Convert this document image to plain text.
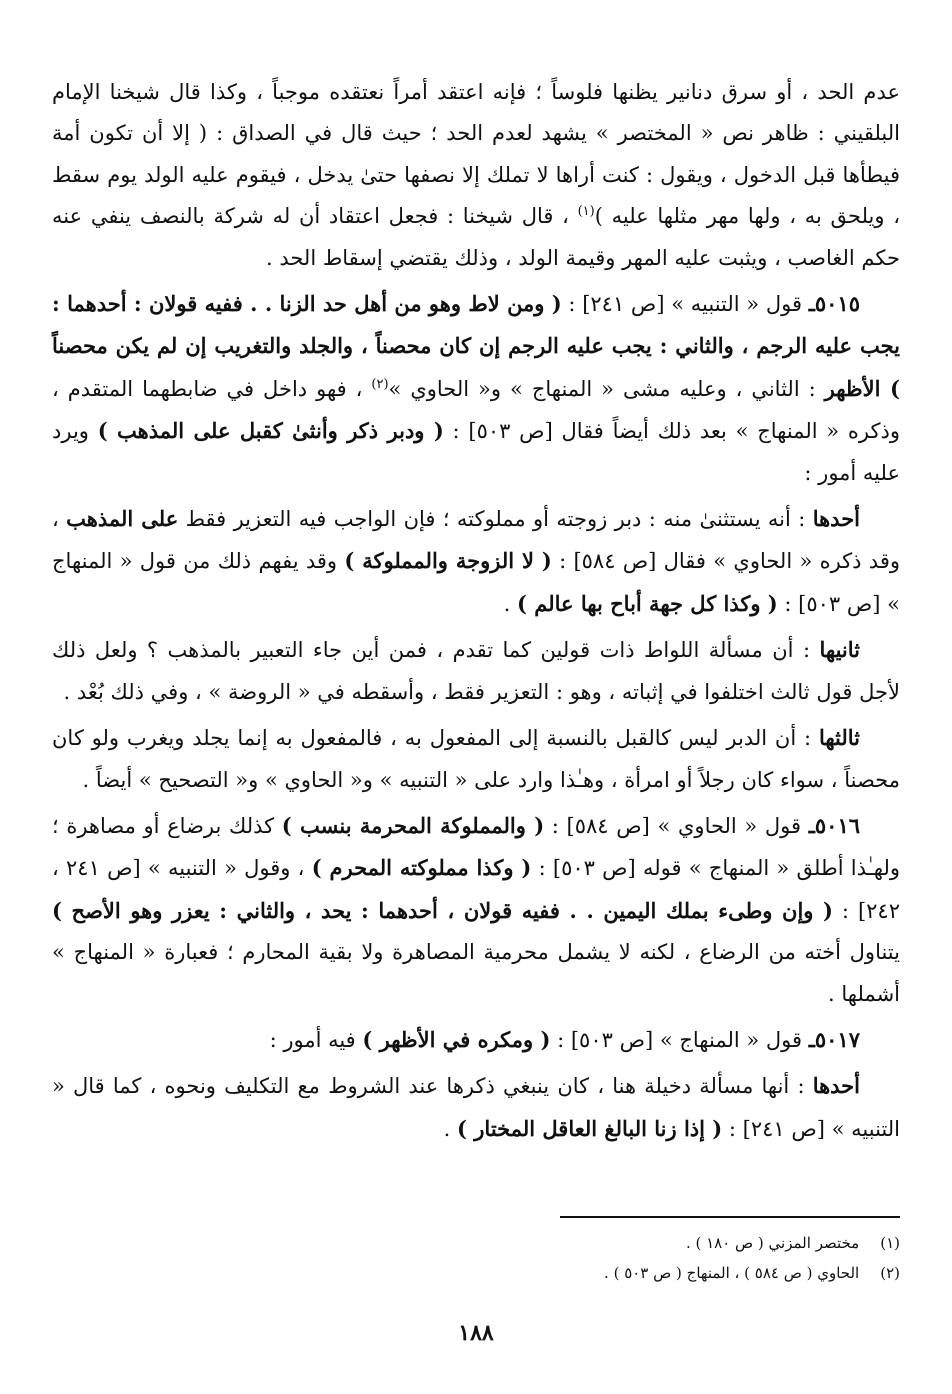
عدم الحد ، أو سرق دنانير يظنها فلوساً ؛ فإنه اعتقد أمراً نعتقده موجباً ، وكذا قال شيخنا الإمام البلقيني : ظاهر نص « المختصر » يشهد لعدم الحد ؛ حيث قال في الصداق : ( إلا أن تكون أمة فيطأها قبل الدخول ، ويقول : كنت أراها لا تملك إلا نصفها حتىٰ يدخل ، فيقوم عليه الولد يوم سقط ، ويلحق به ، ولها مهر مثلها عليه )$^{(١)}$ ، قال شيخنا : فجعل اعتقاد أن له شركة بالنصف ينفي عنه حكم الغاصب ، ويثبت عليه المهر وقيمة الولد ، وذلك يقتضي إسقاط الحد .

٥٠١٥ـ قول « التنبيه » [ص ٢٤١] : ( ومن لاط وهو من أهل حد الزنا . . ففيه قولان : أحدهما : يجب عليه الرجم ، والثاني : يجب عليه الرجم إن كان محصناً ، والجلد والتغريب إن لم يكن محصناً ) الأظهر : الثاني ، وعليه مشى « المنهاج » و« الحاوي »$^{(٢)}$ ، فهو داخل في ضابطهما المتقدم ، وذكره « المنهاج » بعد ذلك أيضاً فقال [ص ٥٠٣] : ( ودبر ذكر وأنثىٰ كقبل على المذهب ) ويرد عليه أمور :

أحدها : أنه يستثنىٰ منه : دبر زوجته أو مملوكته ؛ فإن الواجب فيه التعزير فقط على المذهب ، وقد ذكره « الحاوي » فقال [ص ٥٨٤] : ( لا الزوجة والمملوكة ) وقد يفهم ذلك من قول « المنهاج » [ص ٥٠٣] : ( وكذا كل جهة أباح بها عالم ) .

ثانيها : أن مسألة اللواط ذات قولين كما تقدم ، فمن أين جاء التعبير بالمذهب ؟ ولعل ذلك لأجل قول ثالث اختلفوا في إثباته ، وهو : التعزير فقط ، وأسقطه في « الروضة » ، وفي ذلك بُعْد .

ثالثها : أن الدبر ليس كالقبل بالنسبة إلى المفعول به ، فالمفعول به إنما يجلد ويغرب ولو كان محصناً ، سواء كان رجلاً أو امرأة ، وهـٰذا وارد على « التنبيه » و« الحاوي » و« التصحيح » أيضاً .

٥٠١٦ـ قول « الحاوي » [ص ٥٨٤] : ( والمملوكة المحرمة بنسب ) كذلك برضاع أو مصاهرة ؛ ولهـٰذا أطلق « المنهاج » قوله [ص ٥٠٣] : ( وكذا مملوكته المحرم ) ، وقول « التنبيه » [ص ٢٤١ ، ٢٤٢] : ( وإن وطىء بملك اليمين . . ففيه قولان ، أحدهما : يحد ، والثاني : يعزر وهو الأصح ) يتناول أخته من الرضاع ، لكنه لا يشمل محرمية المصاهرة ولا بقية المحارم ؛ فعبارة « المنهاج » أشملها .

٥٠١٧ـ قول « المنهاج » [ص ٥٠٣] : ( ومكره في الأظهر ) فيه أمور :

أحدها : أنها مسألة دخيلة هنا ، كان ينبغي ذكرها عند الشروط مع التكليف ونحوه ، كما قال « التنبيه » [ص ٢٤١] : ( إذا زنا البالغ العاقل المختار ) .

(١) مختصر المزني ( ص ١٨٠ ) .
(٢) الحاوي ( ص ٥٨٤ ) ، المنهاج ( ص ٥٠٣ ) .
١٨٨
